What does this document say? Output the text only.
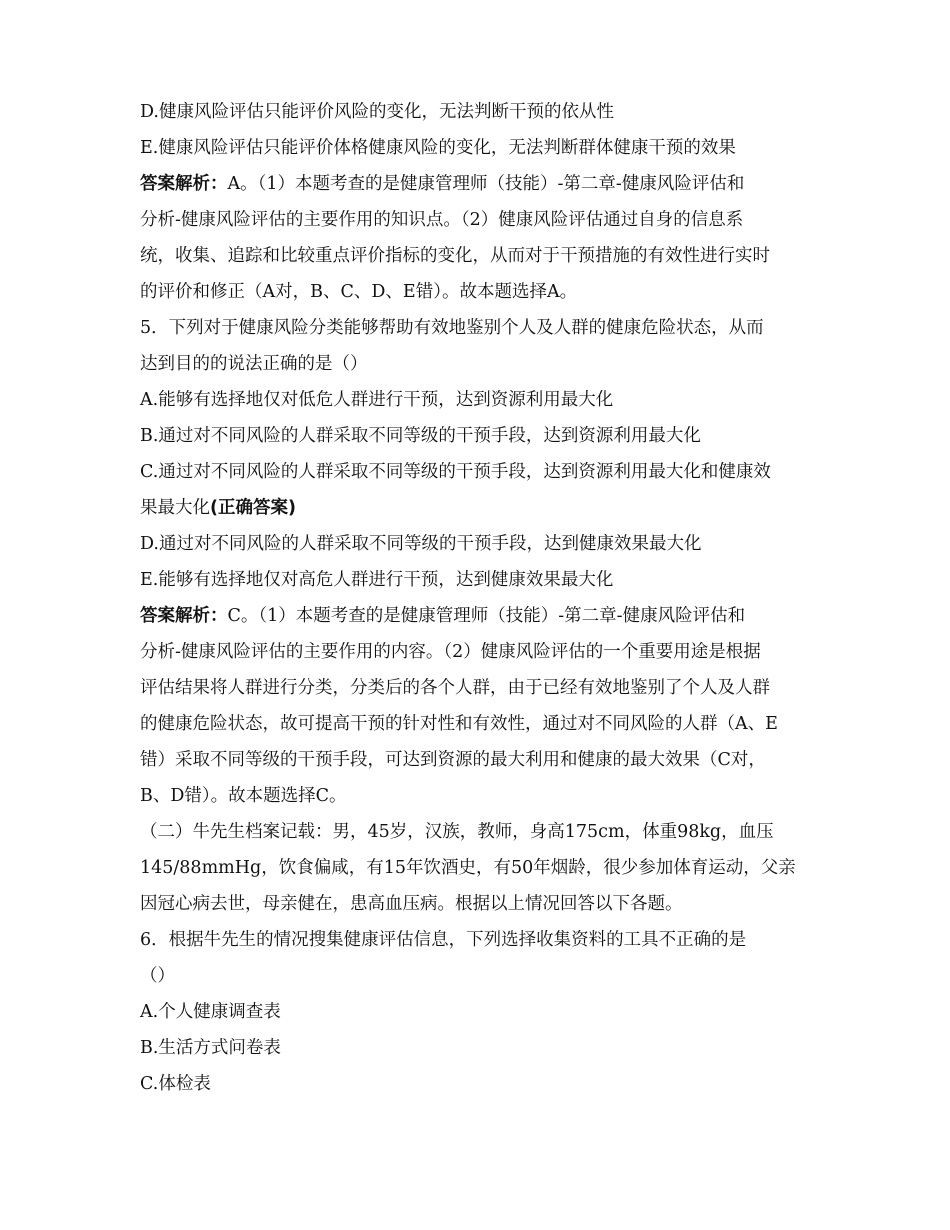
D.健康风险评估只能评价风险的变化，无法判断干预的依从性

E.健康风险评估只能评价体格健康风险的变化，无法判断群体健康干预的效果

答案解析：A。（1）本题考查的是健康管理师（技能）-第二章-健康风险评估和

分析-健康风险评估的主要作用的知识点。（2）健康风险评估通过自身的信息系

统，收集、追踪和比较重点评价指标的变化，从而对于干预措施的有效性进行实时

的评价和修正（A对，B、C、D、E错）。故本题选择A。

5．下列对于健康风险分类能够帮助有效地鉴别个人及人群的健康危险状态，从而

达到目的的说法正确的是（）

A.能够有选择地仅对低危人群进行干预，达到资源利用最大化

B.通过对不同风险的人群采取不同等级的干预手段，达到资源利用最大化

C.通过对不同风险的人群采取不同等级的干预手段，达到资源利用最大化和健康效

果最大化(正确答案)

D.通过对不同风险的人群采取不同等级的干预手段，达到健康效果最大化

E.能够有选择地仅对高危人群进行干预，达到健康效果最大化

答案解析：C。（1）本题考查的是健康管理师（技能）-第二章-健康风险评估和

分析-健康风险评估的主要作用的内容。（2）健康风险评估的一个重要用途是根据

评估结果将人群进行分类，分类后的各个人群，由于已经有效地鉴别了个人及人群

的健康危险状态，故可提高干预的针对性和有效性，通过对不同风险的人群（A、E

错）采取不同等级的干预手段，可达到资源的最大利用和健康的最大效果（C对，

B、D错）。故本题选择C。

（二）牛先生档案记载：男，45岁，汉族，教师，身高175cm，体重98kg，血压

145/88mmHg，饮食偏咸，有15年饮酒史，有50年烟龄，很少参加体育运动，父亲

因冠心病去世，母亲健在，患高血压病。根据以上情况回答以下各题。

6．根据牛先生的情况搜集健康评估信息，下列选择收集资料的工具不正确的是

（）

A.个人健康调查表

B.生活方式问卷表

C.体检表
